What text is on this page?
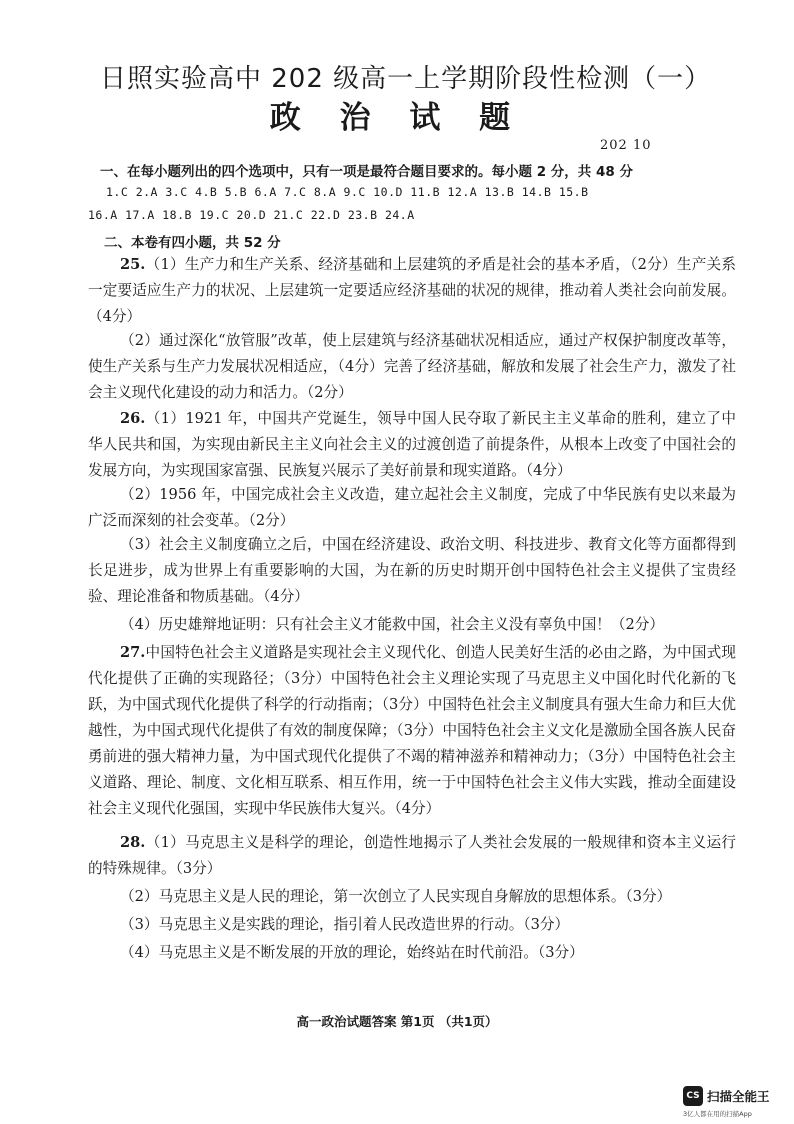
日照实验高中 202 级高一上学期阶段性检测（一）
政 治 试 题
202 10
一、在每小题列出的四个选项中，只有一项是最符合题目要求的。每小题 2 分，共 48 分
1.C 2.A 3.C 4.B 5.B 6.A 7.C 8.A 9.C 10.D 11.B 12.A 13.B 14.B 15.B
16.A 17.A 18.B 19.C 20.D 21.C 22.D 23.B 24.A
二、本卷有四小题，共 52 分

25.（1）生产力和生产关系、经济基础和上层建筑的矛盾是社会的基本矛盾，（2分）生产关系一定要适应生产力的状况、上层建筑一定要适应经济基础的状况的规律，推动着人类社会向前发展。（4分）

（2）通过深化“放管服”改革，使上层建筑与经济基础状况相适应，通过产权保护制度改革等，使生产关系与生产力发展状况相适应，（4分）完善了经济基础，解放和发展了社会生产力，激发了社会主义现代化建设的动力和活力。（2分）

26.（1）1921 年，中国共产党诞生，领导中国人民夺取了新民主主义革命的胜利，建立了中华人民共和国，为实现由新民主主义向社会主义的过渡创造了前提条件，从根本上改变了中国社会的发展方向，为实现国家富强、民族复兴展示了美好前景和现实道路。（4分）

（2）1956 年，中国完成社会主义改造，建立起社会主义制度，完成了中华民族有史以来最为广泛而深刻的社会变革。（2分）

（3）社会主义制度确立之后，中国在经济建设、政治文明、科技进步、教育文化等方面都得到长足进步，成为世界上有重要影响的大国，为在新的历史时期开创中国特色社会主义提供了宝贵经验、理论准备和物质基础。（4分）

（4）历史雄辩地证明：只有社会主义才能救中国，社会主义没有辜负中国！（2分）

27.中国特色社会主义道路是实现社会主义现代化、创造人民美好生活的必由之路，为中国式现代化提供了正确的实现路径；（3分）中国特色社会主义理论实现了马克思主义中国化时代化新的飞跃，为中国式现代化提供了科学的行动指南；（3分）中国特色社会主义制度具有强大生命力和巨大优越性，为中国式现代化提供了有效的制度保障；（3分）中国特色社会主义文化是激励全国各族人民奋勇前进的强大精神力量，为中国式现代化提供了不竭的精神滋养和精神动力；（3分）中国特色社会主义道路、理论、制度、文化相互联系、相互作用，统一于中国特色社会主义伟大实践，推动全面建设社会主义现代化强国，实现中华民族伟大复兴。（4分）

28.（1）马克思主义是科学的理论，创造性地揭示了人类社会发展的一般规律和资本主义运行的特殊规律。（3分）

（2）马克思主义是人民的理论，第一次创立了人民实现自身解放的思想体系。（3分）

（3）马克思主义是实践的理论，指引着人民改造世界的行动。（3分）

（4）马克思主义是不断发展的开放的理论，始终站在时代前沿。（3分）

高一政治试题答案 第1页 （共1页）
CS 扫描全能王
3亿人都在用的扫描App
